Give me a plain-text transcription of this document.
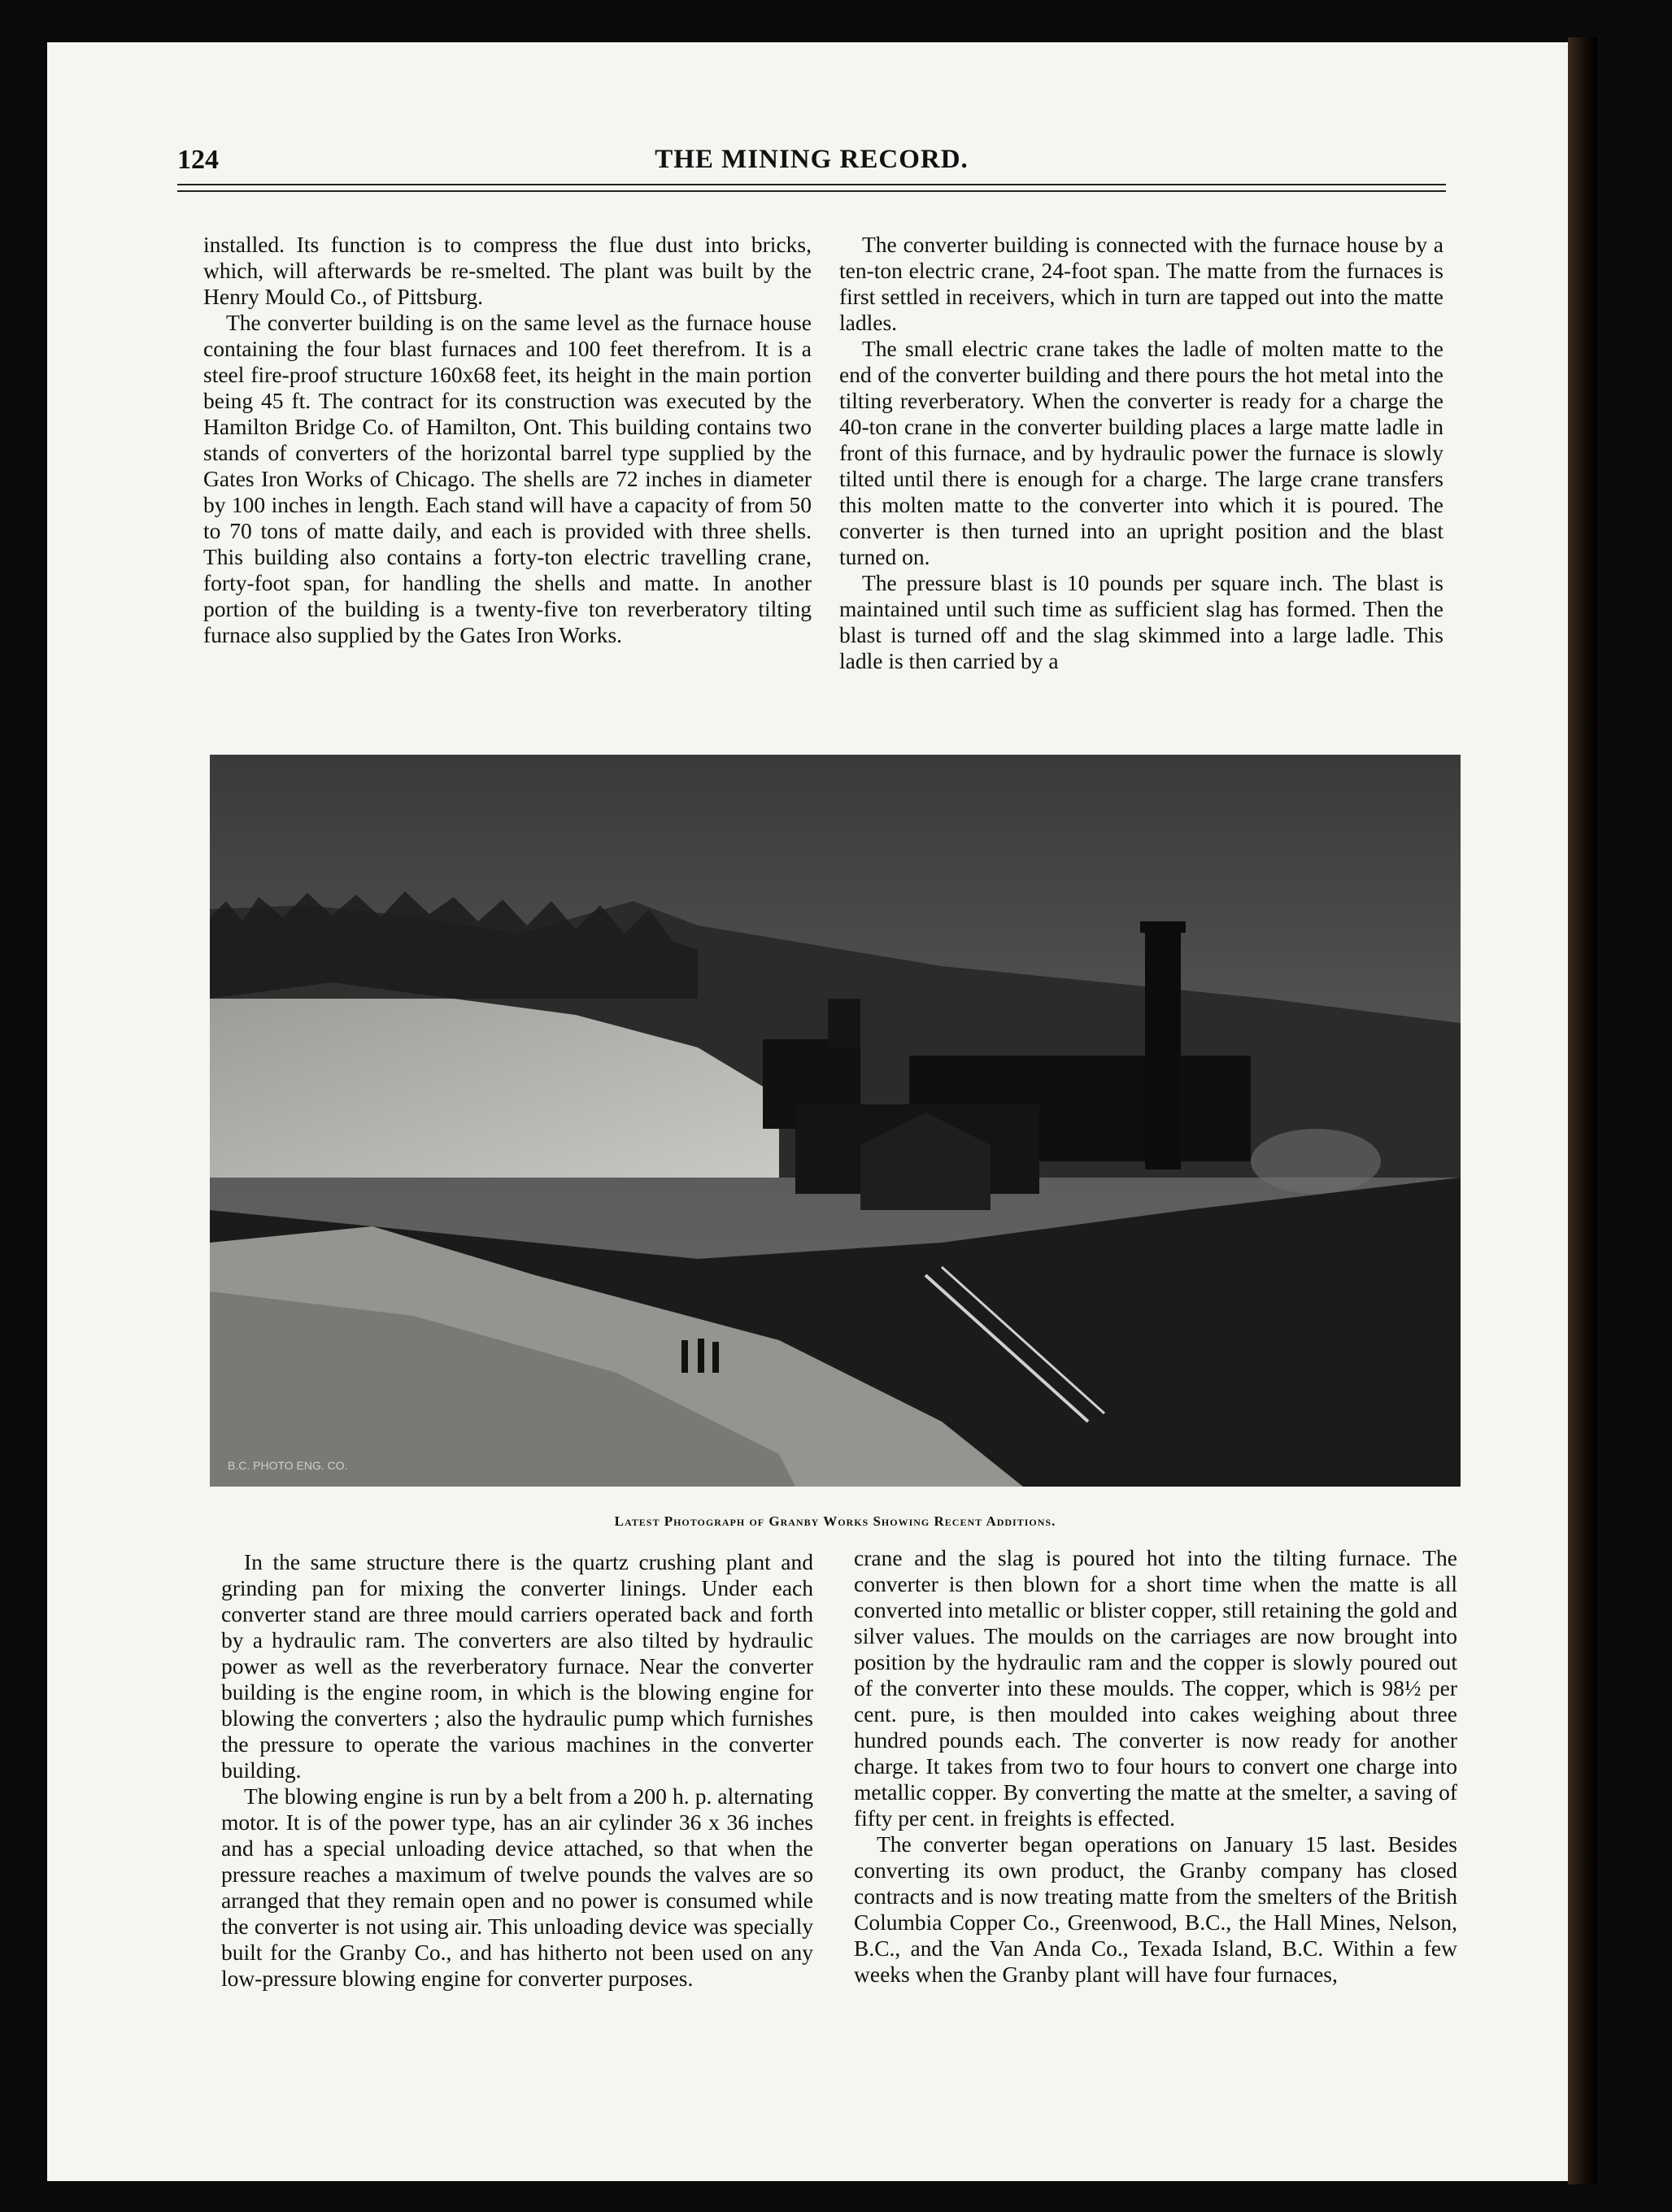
124	THE MINING RECORD.

installed. Its function is to compress the flue dust into bricks, which, will afterwards be re-smelted. The plant was built by the Henry Mould Co., of Pittsburg.

The converter building is on the same level as the furnace house containing the four blast furnaces and 100 feet therefrom. It is a steel fire-proof structure 160x68 feet, its height in the main portion being 45 ft. The contract for its construction was executed by the Hamilton Bridge Co. of Hamilton, Ont. This building contains two stands of converters of the horizontal barrel type supplied by the Gates Iron Works of Chicago. The shells are 72 inches in diameter by 100 inches in length. Each stand will have a capacity of from 50 to 70 tons of matte daily, and each is provided with three shells. This building also contains a forty-ton electric travelling crane, forty-foot span, for handling the shells and matte. In another portion of the building is a twenty-five ton reverberatory tilting furnace also supplied by the Gates Iron Works.

The converter building is connected with the furnace house by a ten-ton electric crane, 24-foot span. The matte from the furnaces is first settled in receivers, which in turn are tapped out into the matte ladles.

The small electric crane takes the ladle of molten matte to the end of the converter building and there pours the hot metal into the tilting reverberatory. When the converter is ready for a charge the 40-ton crane in the converter building places a large matte ladle in front of this furnace, and by hydraulic power the furnace is slowly tilted until there is enough for a charge. The large crane transfers this molten matte to the converter into which it is poured. The converter is then turned into an upright position and the blast turned on.

The pressure blast is 10 pounds per square inch. The blast is maintained until such time as sufficient slag has formed. Then the blast is turned off and the slag skimmed into a large ladle. This ladle is then carried by a

B.C. PHOTO ENG. CO.
Latest Photograph of Granby Works Showing Recent Additions.

In the same structure there is the quartz crushing plant and grinding pan for mixing the converter linings. Under each converter stand are three mould carriers operated back and forth by a hydraulic ram. The converters are also tilted by hydraulic power as well as the reverberatory furnace. Near the converter building is the engine room, in which is the blowing engine for blowing the converters ; also the hydraulic pump which furnishes the pressure to operate the various machines in the converter building.

The blowing engine is run by a belt from a 200 h. p. alternating motor. It is of the power type, has an air cylinder 36 x 36 inches and has a special unloading device attached, so that when the pressure reaches a maximum of twelve pounds the valves are so arranged that they remain open and no power is consumed while the converter is not using air. This unloading device was specially built for the Granby Co., and has hitherto not been used on any low-pressure blowing engine for converter purposes.

crane and the slag is poured hot into the tilting furnace. The converter is then blown for a short time when the matte is all converted into metallic or blister copper, still retaining the gold and silver values. The moulds on the carriages are now brought into position by the hydraulic ram and the copper is slowly poured out of the converter into these moulds. The copper, which is 98½ per cent. pure, is then moulded into cakes weighing about three hundred pounds each. The converter is now ready for another charge. It takes from two to four hours to convert one charge into metallic copper. By converting the matte at the smelter, a saving of fifty per cent. in freights is effected.

The converter began operations on January 15 last. Besides converting its own product, the Granby company has closed contracts and is now treating matte from the smelters of the British Columbia Copper Co., Greenwood, B.C., the Hall Mines, Nelson, B.C., and the Van Anda Co., Texada Island, B.C. Within a few weeks when the Granby plant will have four furnaces,
